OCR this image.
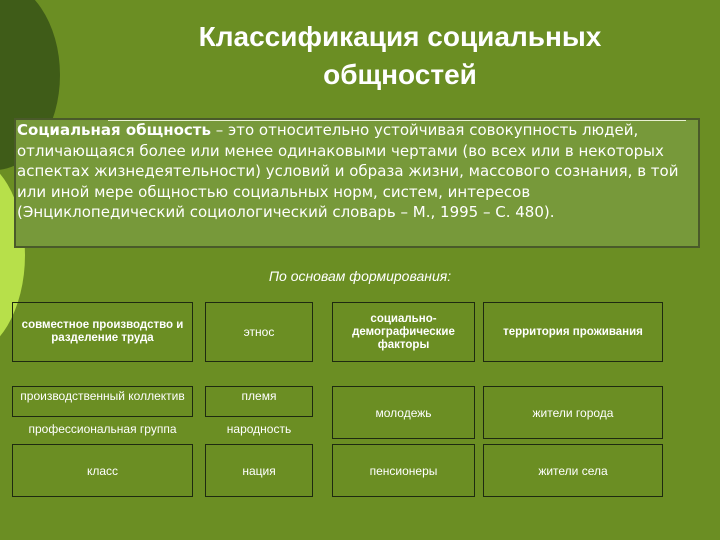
Классификация социальных общностей
Социальная общность – это относительно устойчивая совокупность людей, отличающаяся более или менее одинаковыми чертами (во всех или в некоторых аспектах жизнедеятельности) условий и образа жизни, массового сознания, в той или иной мере общностью социальных норм, систем, интересов (Энциклопедический социологический словарь – М., 1995 – С. 480).
По основам формирования:
совместное производство и разделение труда	этнос
социально-демографические факторы
территория проживания
производственный коллектив
профессиональная группа
класс
племя
народность
нация
молодежь
пенсионеры
жители города
жители села
